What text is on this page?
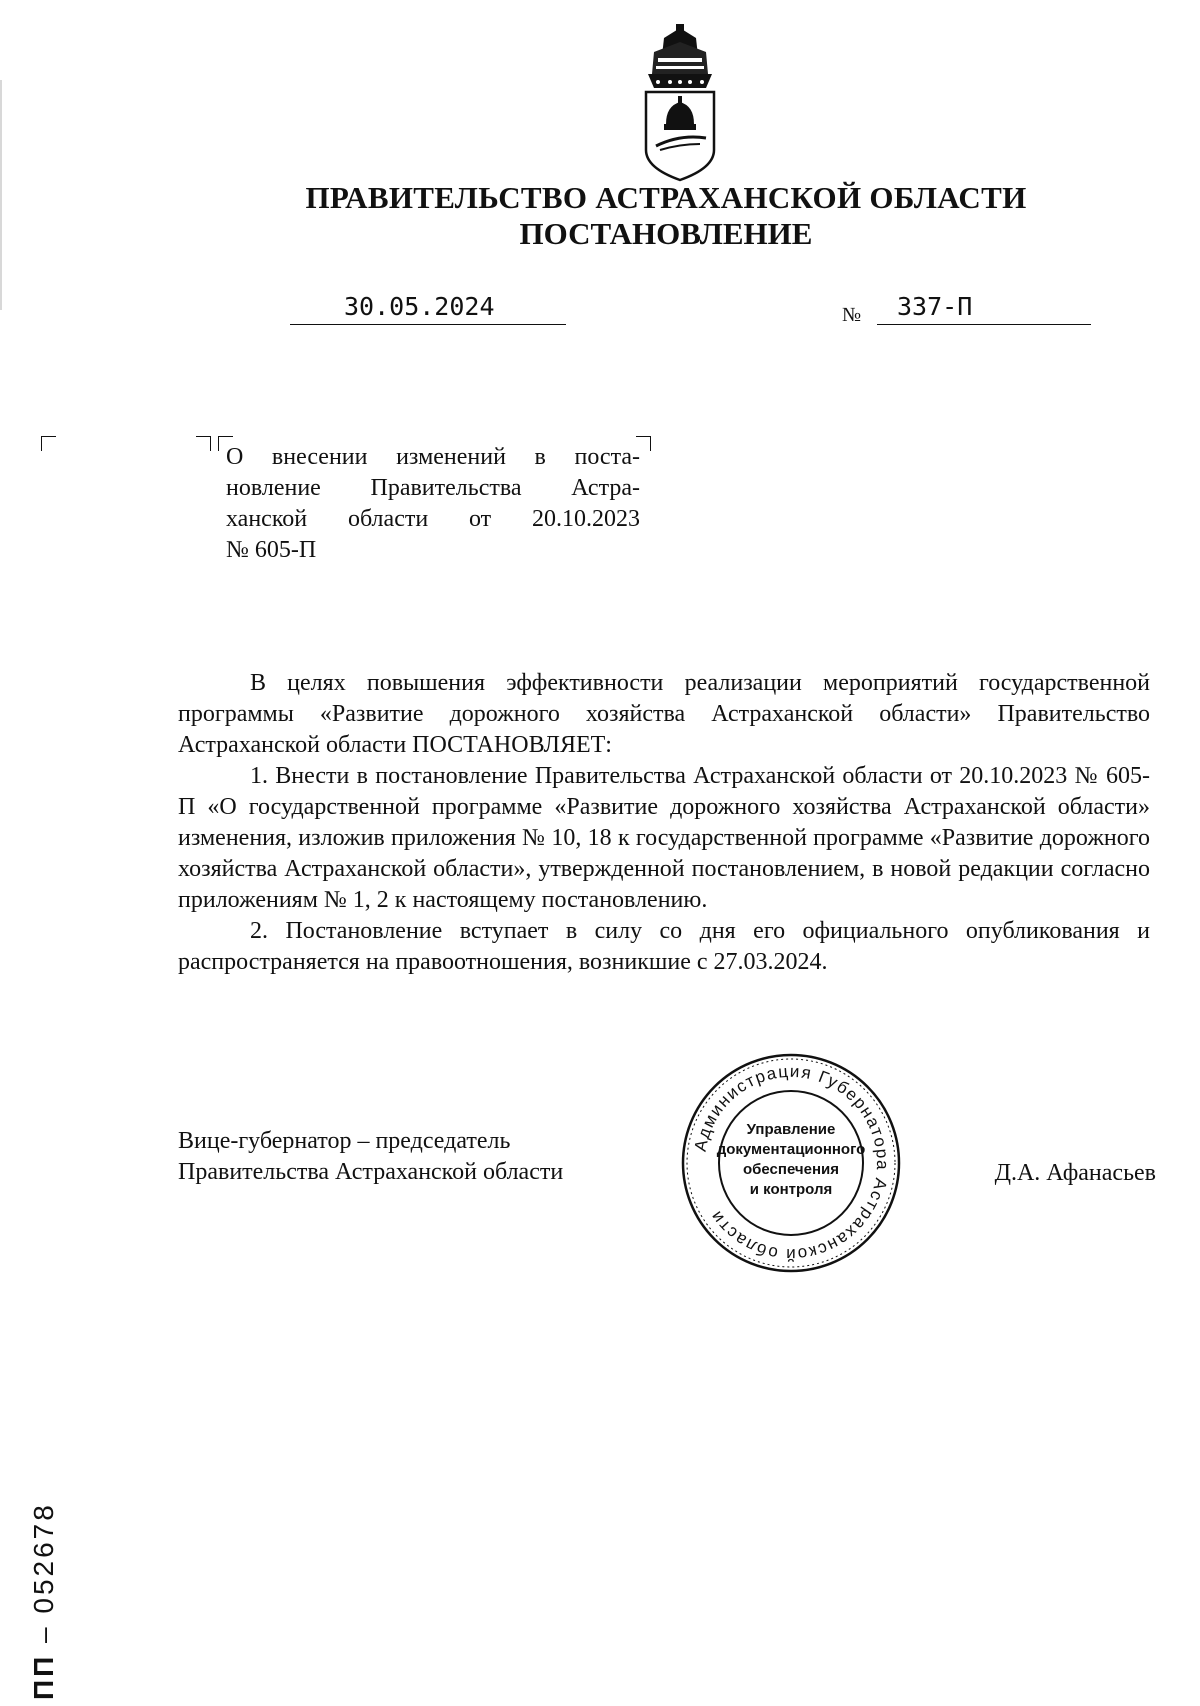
ПРАВИТЕЛЬСТВО АСТРАХАНСКОЙ ОБЛАСТИ
ПОСТАНОВЛЕНИЕ
30.05.2024	№ 337-П
О внесении изменений в поста-
новление Правительства Астра-
ханской области от 20.10.2023
№ 605-П

В целях повышения эффективности реализации мероприятий государственной программы «Развитие дорожного хозяйства Астраханской области» Правительство Астраханской области ПОСТАНОВЛЯЕТ:

1. Внести в постановление Правительства Астраханской области от 20.10.2023 № 605-П «О государственной программе «Развитие дорожного хозяйства Астраханской области» изменения, изложив приложения № 10, 18 к государственной программе «Развитие дорожного хозяйства Астраханской области», утвержденной постановлением, в новой редакции согласно приложениям № 1, 2 к настоящему постановлению.

2. Постановление вступает в силу со дня его официального опубликования и распространяется на правоотношения, возникшие с 27.03.2024.

Вице-губернатор – председатель
Правительства Астраханской области	Д.А. Афанасьев
Администрация Губернатора Астраханской области
Управление
документационного
обеспечения
и контроля
ПП – 052678
